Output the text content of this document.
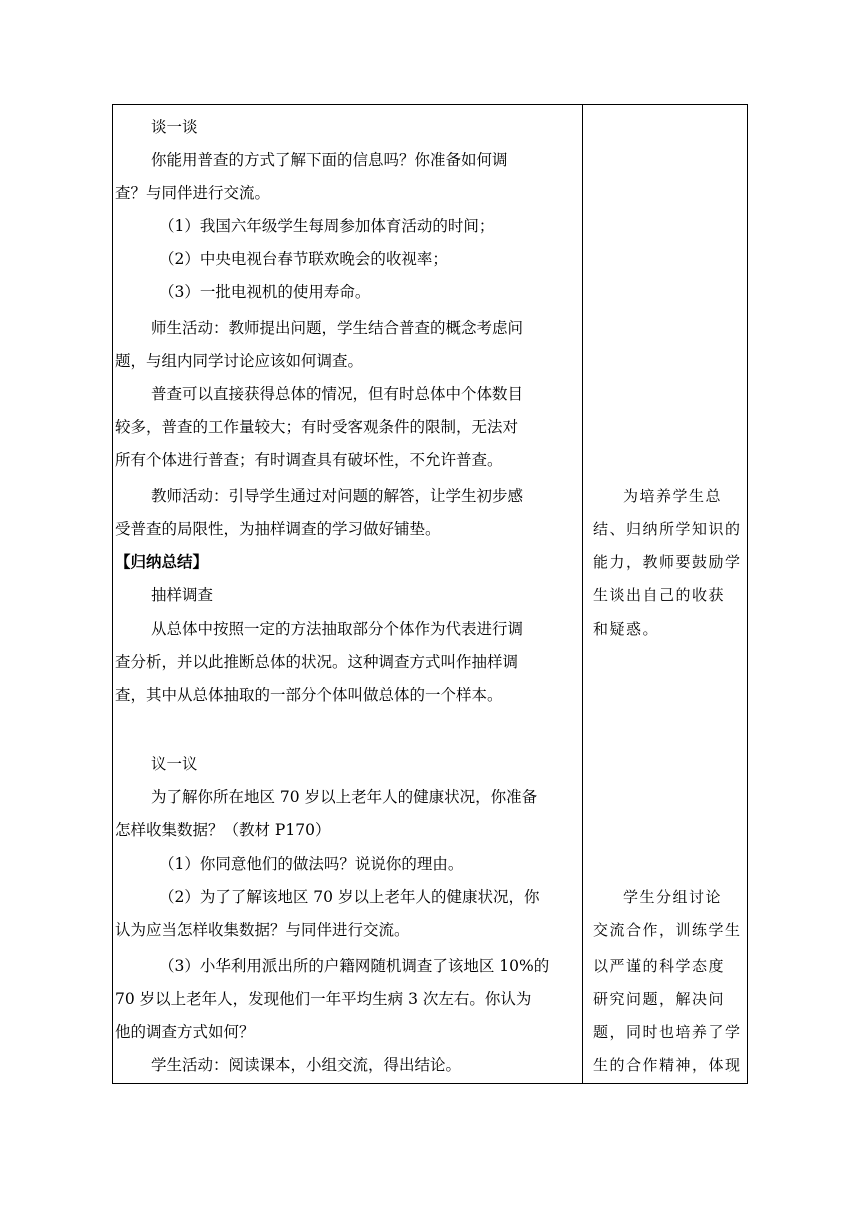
谈一谈
你能用普查的方式了解下面的信息吗？你准备如何调
查？与同伴进行交流。
（1）我国六年级学生每周参加体育活动的时间；
（2）中央电视台春节联欢晚会的收视率；
（3）一批电视机的使用寿命。
师生活动：教师提出问题，学生结合普查的概念考虑问
题，与组内同学讨论应该如何调查。
普查可以直接获得总体的情况，但有时总体中个体数目
较多，普查的工作量较大；有时受客观条件的限制，无法对
所有个体进行普查；有时调查具有破坏性，不允许普查。
教师活动：引导学生通过对问题的解答，让学生初步感
受普查的局限性，为抽样调查的学习做好铺垫。
【归纳总结】
抽样调查
从总体中按照一定的方法抽取部分个体作为代表进行调
查分析，并以此推断总体的状况。这种调查方式叫作抽样调
查，其中从总体抽取的一部分个体叫做总体的一个样本。
议一议
为了解你所在地区 70 岁以上老年人的健康状况，你准备
怎样收集数据？（教材 P170）
（1）你同意他们的做法吗？说说你的理由。
（2）为了了解该地区 70 岁以上老年人的健康状况，你
认为应当怎样收集数据？与同伴进行交流。
（3）小华利用派出所的户籍网随机调查了该地区 10%的
70 岁以上老年人，发现他们一年平均生病 3 次左右。你认为
他的调查方式如何？
学生活动：阅读课本，小组交流，得出结论。
为培养学生总
结、归纳所学知识的
能力，教师要鼓励学
生谈出自己的收获
和疑惑。
学生分组讨论
交流合作，训练学生
以严谨的科学态度
研究问题，解决问
题，同时也培养了学
生的合作精神，体现
